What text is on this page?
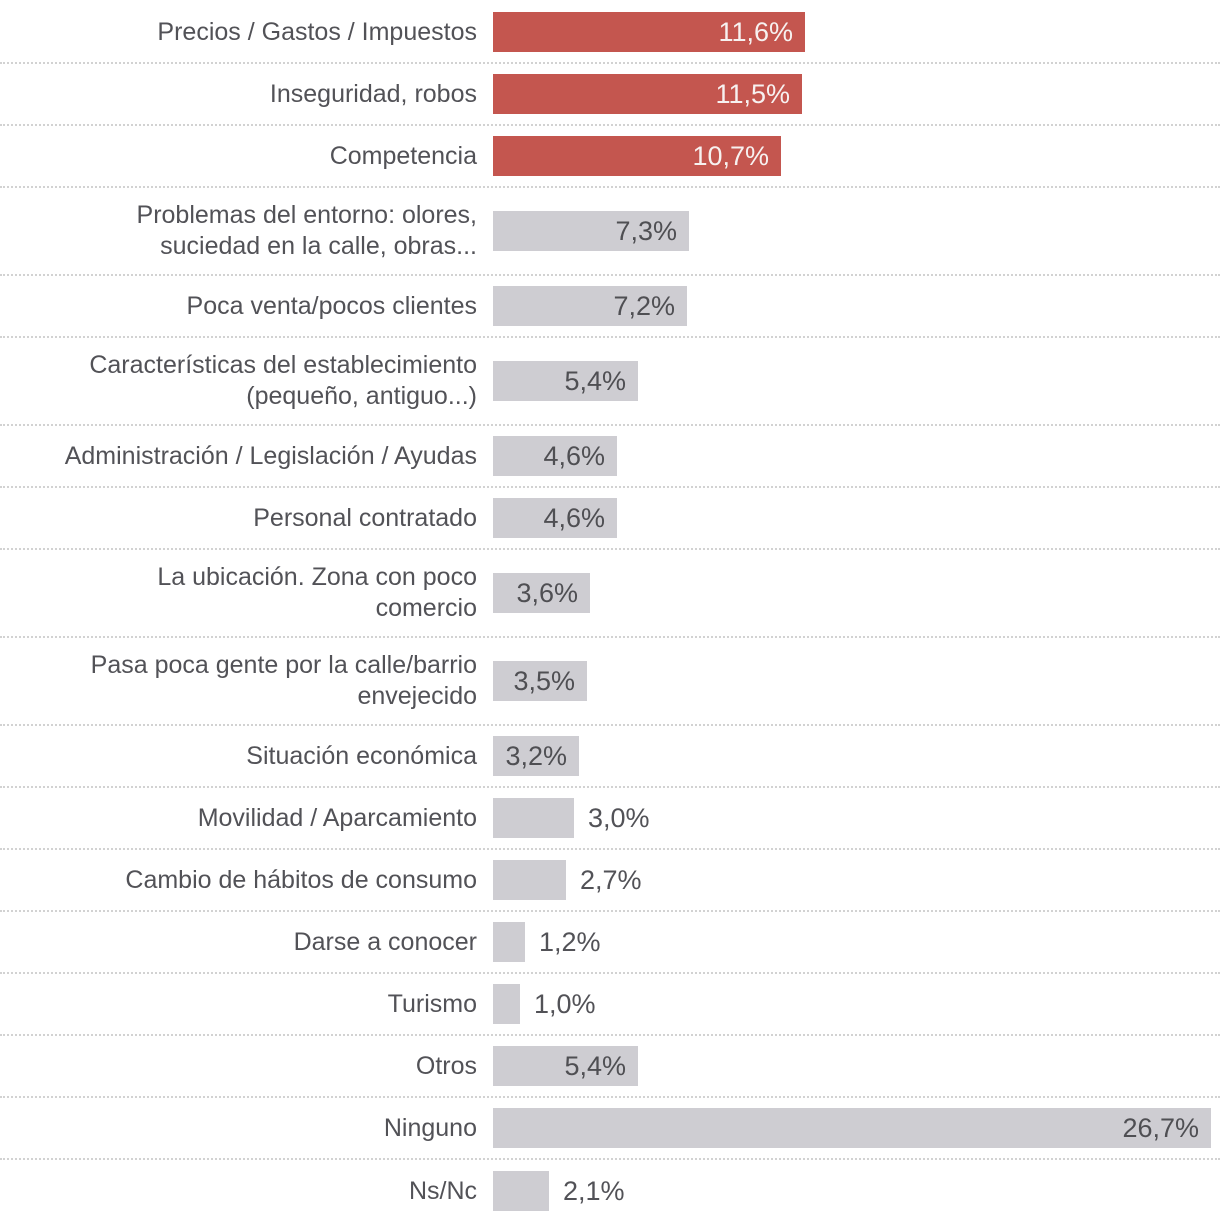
Precios / Gastos / Impuestos	11,6%
Inseguridad, robos	11,5%
Competencia	10,7%
Problemas del entorno: olores,
suciedad en la calle, obras...	7,3%
Poca venta/pocos clientes	7,2%
Características del establecimiento
(pequeño, antiguo...)	5,4%
Administración / Legislación / Ayudas 4,6%
Personal contratado 4,6%
La ubicación. Zona con poco
comercio 3,6%
Pasa poca gente por la calle/barrio
envejecido 3,5%
Situación económica 3,2%
Movilidad / Aparcamiento	3,0%
Cambio de hábitos de consumo	2,7%
Darse a conocer 1,2%
Turismo 1,0%
Otros	5,4%
Ninguno	26,7%
Ns/Nc	2,1%
